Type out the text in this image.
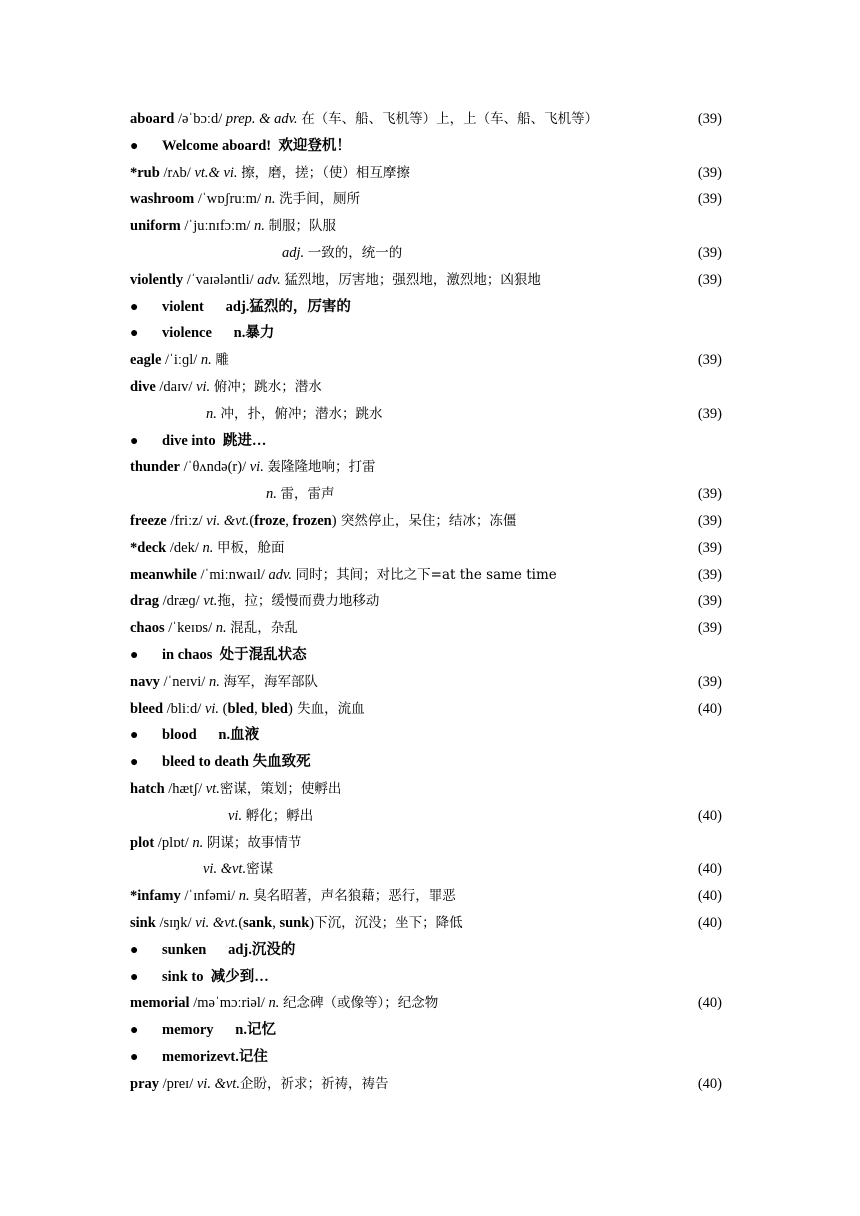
aboard /əˈbɔːd/ prep. & adv. 在（车、船、飞机等）上，上（车、船、飞机等）	(39)
● Welcome aboard!  欢迎登机！
*rub /rʌb/ vt.& vi. 擦，磨，搓；（使）相互摩擦	(39)
washroom /ˈwɒʃruːm/ n. 洗手间，厕所	(39)
uniform /ˈjuːnɪfɔːm/ n. 制服；队服
adj. 一致的，统一的	(39)
violently /ˈvaɪələntli/ adv. 猛烈地，厉害地；强烈地，激烈地；凶狠地	(39)
● violent      adj.猛烈的，厉害的
● violence      n.暴力
eagle /ˈiːɡl/ n. 雕	(39)
dive /daɪv/ vi. 俯冲；跳水；潜水
n. 冲，扑，俯冲；潜水；跳水	(39)
● dive into  跳进…
thunder /ˈθʌndə(r)/ vi. 轰隆隆地响；打雷
n. 雷，雷声	(39)
freeze /friːz/ vi. &vt.(froze, frozen) 突然停止，呆住；结冰；冻僵	(39)
*deck /dek/ n. 甲板，舱面	(39)
meanwhile /ˈmiːnwaɪl/ adv. 同时；其间；对比之下=at the same time	(39)
drag /dræɡ/ vt.拖，拉；缓慢而费力地移动	(39)
chaos /ˈkeɪɒs/ n. 混乱，杂乱	(39)
● in chaos  处于混乱状态
navy /ˈneɪvi/ n. 海军，海军部队	(39)
bleed /bliːd/ vi. (bled, bled) 失血，流血	(40)
● blood      n.血液
● bleed to death 失血致死
hatch /hætʃ/ vt.密谋，策划；使孵出
vi. 孵化；孵出	(40)
plot /plɒt/ n. 阴谋；故事情节
vi. &vt.密谋	(40)
*infamy /ˈɪnfəmi/ n. 臭名昭著，声名狼藉；恶行，罪恶	(40)
sink /sɪŋk/ vi. &vt.(sank, sunk)下沉，沉没；坐下；降低	(40)
● sunken      adj.沉没的
● sink to  减少到…
memorial /məˈmɔːriəl/ n. 纪念碑（或像等）；纪念物	(40)
● memory      n.记忆
● memorizevt.记住
pray /preɪ/ vi. &vt.企盼，祈求；祈祷，祷告	(40)
